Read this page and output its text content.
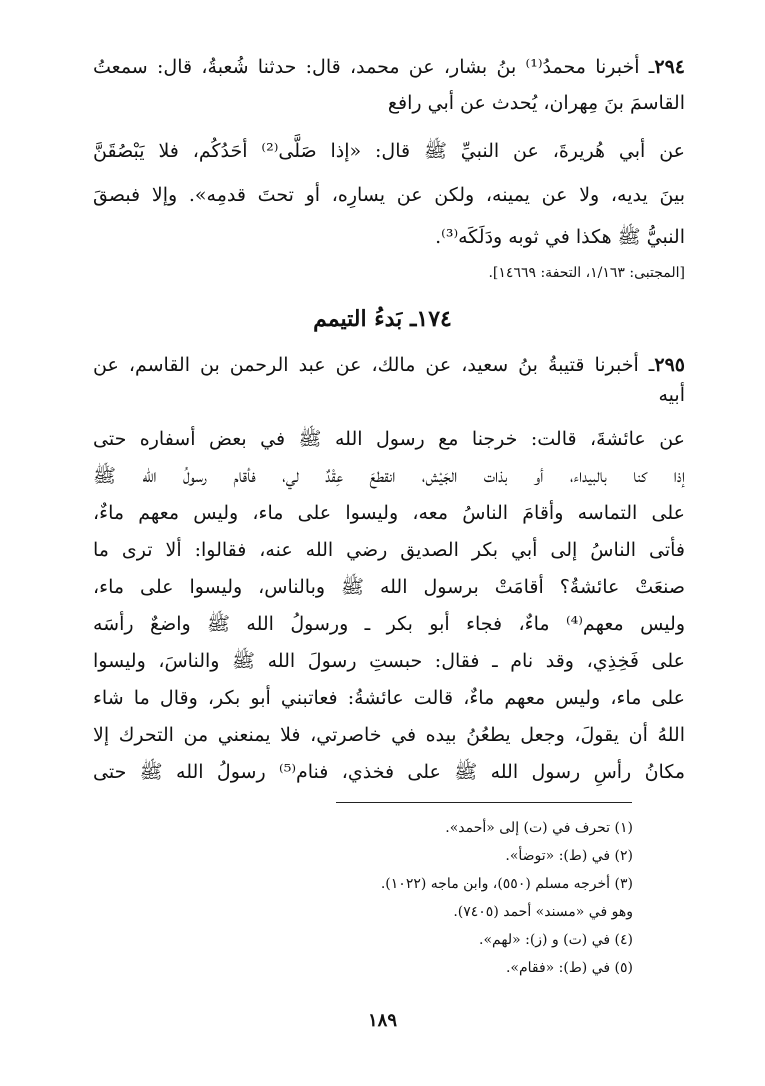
٢٩٤ـ أخبرنا محمدُ⁽¹⁾ بنُ بشار، عن محمد، قال: حدثنا شُعبةُ، قال: سمعتُ
القاسمَ بنَ مِهران، يُحدث عن أبي رافع
عن أبي هُريرةَ، عن النبيِّ ﷺ قال: «إذا صَلَّى⁽²⁾ أحَدُكُم، فلا يَبْصُقَنَّ
بينَ يديه، ولا عن يمينه، ولكن عن يسارِه، أو تحتَ قدمِه». وإلا فبصقَ
النبيُّ ﷺ هكذا في ثوبه ودَلَكَه⁽³⁾.
[المجتبى: ١/١٦٣، التحفة: ١٤٦٦٩].
١٧٤ـ بَدءُ التيمم
٢٩٥ـ أخبرنا قتيبةُ بنُ سعيد، عن مالك، عن عبد الرحمن بن القاسم، عن
أبيه
عن عائشةَ، قالت: خرجنا مع رسول الله ﷺ في بعض أسفاره حتى
إذا كنا بالبيداء، أو بذات الجَيْش، انقطعَ عِقْدٌ لي، فأقام رسولُ الله ﷺ
على التماسه وأقامَ الناسُ معه، وليسوا على ماء، وليس معهم ماءٌ،
فأتى الناسُ إلى أبي بكر الصديق رضي الله عنه، فقالوا: ألا ترى ما
صنعَتْ عائشةُ؟ أقامَتْ برسول الله ﷺ وبالناس، وليسوا على ماء،
وليس معهم⁽⁴⁾ ماءٌ، فجاء أبو بكر ـ ورسولُ الله ﷺ واضعٌ رأسَه
على فَخِذِي، وقد نام ـ فقال: حبستِ رسولَ الله ﷺ والناسَ، وليسوا
على ماء، وليس معهم ماءٌ، قالت عائشةُ: فعاتبني أبو بكر، وقال ما شاء
اللهُ أن يقولَ، وجعل يطعُنُ بيده في خاصرتي، فلا يمنعني من التحرك إلا
مكانُ رأسِ رسول الله ﷺ على فخذي، فنام⁽⁵⁾ رسولُ الله ﷺ حتى
(١) تحرف في (ت) إلى «أحمد».
(٢) في (ط): «توضأ».
(٣) أخرجه مسلم (٥٥٠)، وابن ماجه (١٠٢٢).
وهو في «مسند» أحمد (٧٤٠٥).
(٤) في (ت) و (ز): «لهم».
(٥) في (ط): «فقام».
١٨٩
